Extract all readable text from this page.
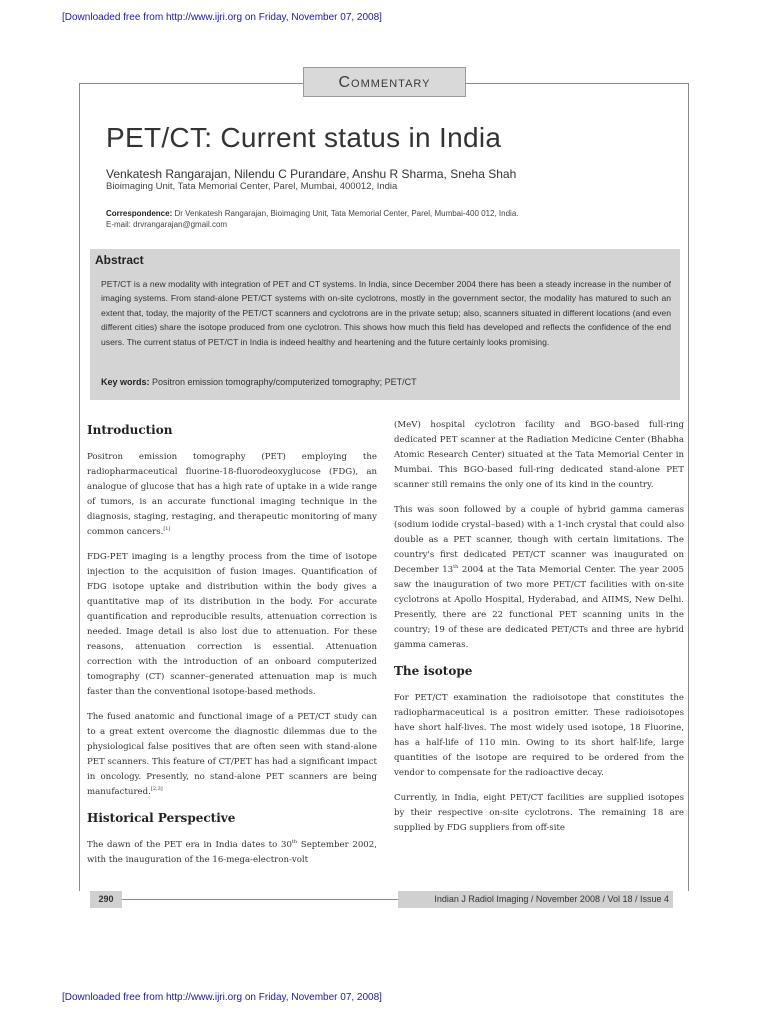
[Downloaded free from http://www.ijri.org on Friday, November 07, 2008]
Commentary
PET/CT: Current status in India
Venkatesh Rangarajan, Nilendu C Purandare, Anshu R Sharma, Sneha Shah
Bioimaging Unit, Tata Memorial Center, Parel, Mumbai, 400012, India
Correspondence: Dr Venkatesh Rangarajan, Bioimaging Unit, Tata Memorial Center, Parel, Mumbai-400 012, India.
E-mail: drvrangarajan@gmail.com
Abstract
PET/CT is a new modality with integration of PET and CT systems. In India, since December 2004 there has been a steady increase in the number of imaging systems. From stand-alone PET/CT systems with on-site cyclotrons, mostly in the government sector, the modality has matured to such an extent that, today, the majority of the PET/CT scanners and cyclotrons are in the private setup; also, scanners situated in different locations (and even different cities) share the isotope produced from one cyclotron. This shows how much this field has developed and reflects the confidence of the end users. The current status of PET/CT in India is indeed healthy and heartening and the future certainly looks promising.
Key words: Positron emission tomography/computerized tomography; PET/CT
Introduction

Positron emission tomography (PET) employing the radiopharmaceutical fluorine-18-fluorodeoxyglucose (FDG), an analogue of glucose that has a high rate of uptake in a wide range of tumors, is an accurate functional imaging technique in the diagnosis, staging, restaging, and therapeutic monitoring of many common cancers.[1]

FDG-PET imaging is a lengthy process from the time of isotope injection to the acquisition of fusion images. Quantification of FDG isotope uptake and distribution within the body gives a quantitative map of its distribution in the body. For accurate quantification and reproducible results, attenuation correction is needed. Image detail is also lost due to attenuation. For these reasons, attenuation correction is essential. Attenuation correction with the introduction of an onboard computerized tomography (CT) scanner–generated attenuation map is much faster than the conventional isotope-based methods.

The fused anatomic and functional image of a PET/CT study can to a great extent overcome the diagnostic dilemmas due to the physiological false positives that are often seen with stand-alone PET scanners. This feature of CT/PET has had a significant impact in oncology. Presently, no stand-alone PET scanners are being manufactured.[2,3]

Historical Perspective

The dawn of the PET era in India dates to 30th September 2002, with the inauguration of the 16-mega-electron-volt

(MeV) hospital cyclotron facility and BGO-based full-ring dedicated PET scanner at the Radiation Medicine Center (Bhabha Atomic Research Center) situated at the Tata Memorial Center in Mumbai. This BGO-based full-ring dedicated stand-alone PET scanner still remains the only one of its kind in the country.

This was soon followed by a couple of hybrid gamma cameras (sodium iodide crystal–based) with a 1-inch crystal that could also double as a PET scanner, though with certain limitations. The country's first dedicated PET/CT scanner was inaugurated on December 13th 2004 at the Tata Memorial Center. The year 2005 saw the inauguration of two more PET/CT facilities with on-site cyclotrons at Apollo Hospital, Hyderabad, and AIIMS, New Delhi. Presently, there are 22 functional PET scanning units in the country; 19 of these are dedicated PET/CTs and three are hybrid gamma cameras.

The isotope

For PET/CT examination the radioisotope that constitutes the radiopharmaceutical is a positron emitter. These radioisotopes have short half-lives. The most widely used isotope, 18 Fluorine, has a half-life of 110 min. Owing to its short half-life, large quantities of the isotope are required to be ordered from the vendor to compensate for the radioactive decay.

Currently, in India, eight PET/CT facilities are supplied isotopes by their respective on-site cyclotrons. The remaining 18 are supplied by FDG suppliers from off-site

290	Indian J Radiol Imaging / November 2008 / Vol 18 / Issue 4
[Downloaded free from http://www.ijri.org on Friday, November 07, 2008]
